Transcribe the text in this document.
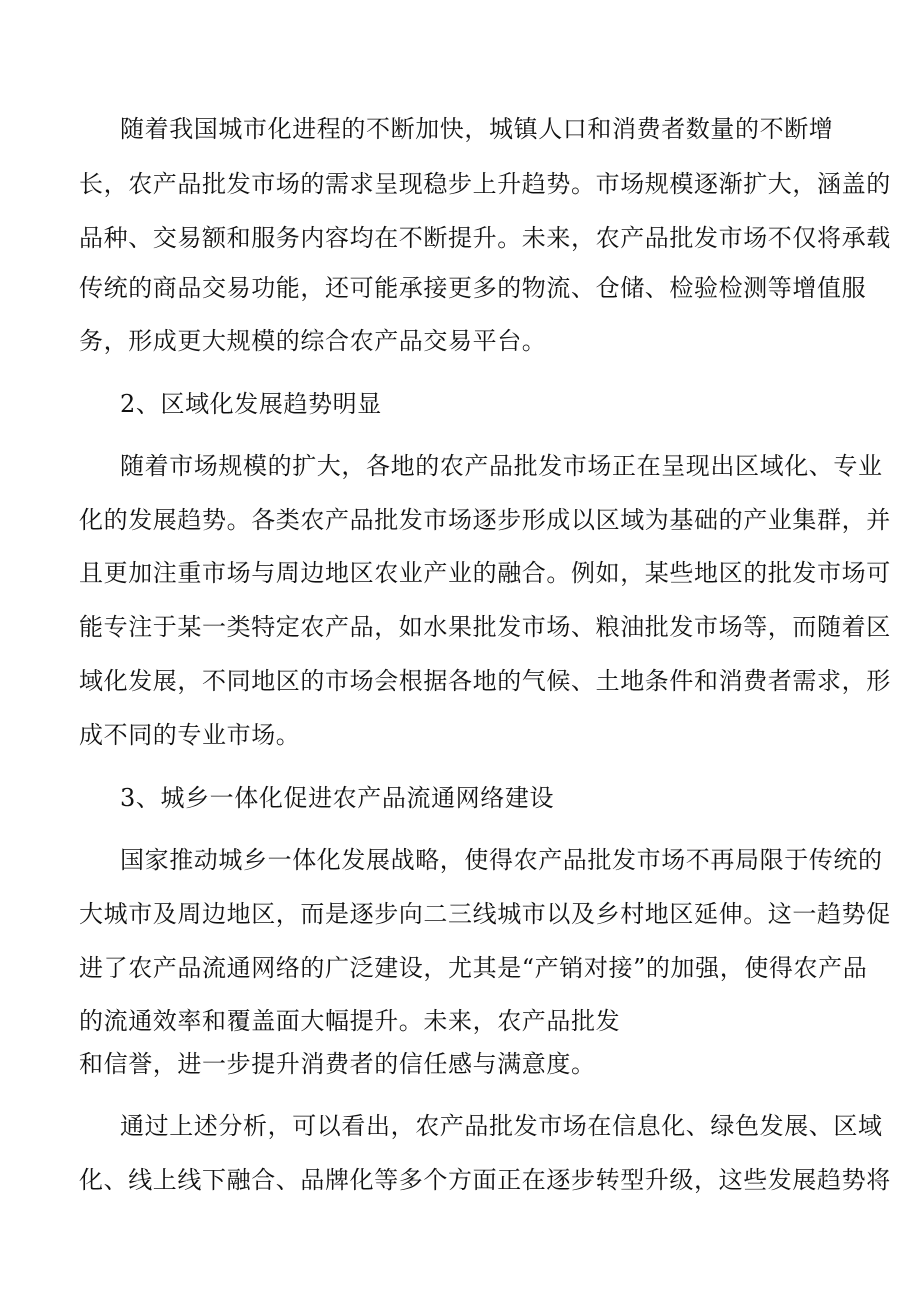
随着我国城市化进程的不断加快，城镇人口和消费者数量的不断增
长，农产品批发市场的需求呈现稳步上升趋势。市场规模逐渐扩大，涵盖的
品种、交易额和服务内容均在不断提升。未来，农产品批发市场不仅将承载
传统的商品交易功能，还可能承接更多的物流、仓储、检验检测等增值服
务，形成更大规模的综合农产品交易平台。
2、区域化发展趋势明显
随着市场规模的扩大，各地的农产品批发市场正在呈现出区域化、专业
化的发展趋势。各类农产品批发市场逐步形成以区域为基础的产业集群，并
且更加注重市场与周边地区农业产业的融合。例如，某些地区的批发市场可
能专注于某一类特定农产品，如水果批发市场、粮油批发市场等，而随着区
域化发展，不同地区的市场会根据各地的气候、土地条件和消费者需求，形
成不同的专业市场。
3、城乡一体化促进农产品流通网络建设
国家推动城乡一体化发展战略，使得农产品批发市场不再局限于传统的
大城市及周边地区，而是逐步向二三线城市以及乡村地区延伸。这一趋势促
进了农产品流通网络的广泛建设，尤其是“产销对接”的加强，使得农产品
的流通效率和覆盖面大幅提升。未来，农产品批发
和信誉，进一步提升消费者的信任感与满意度。
通过上述分析，可以看出，农产品批发市场在信息化、绿色发展、区域
化、线上线下融合、品牌化等多个方面正在逐步转型升级，这些发展趋势将
